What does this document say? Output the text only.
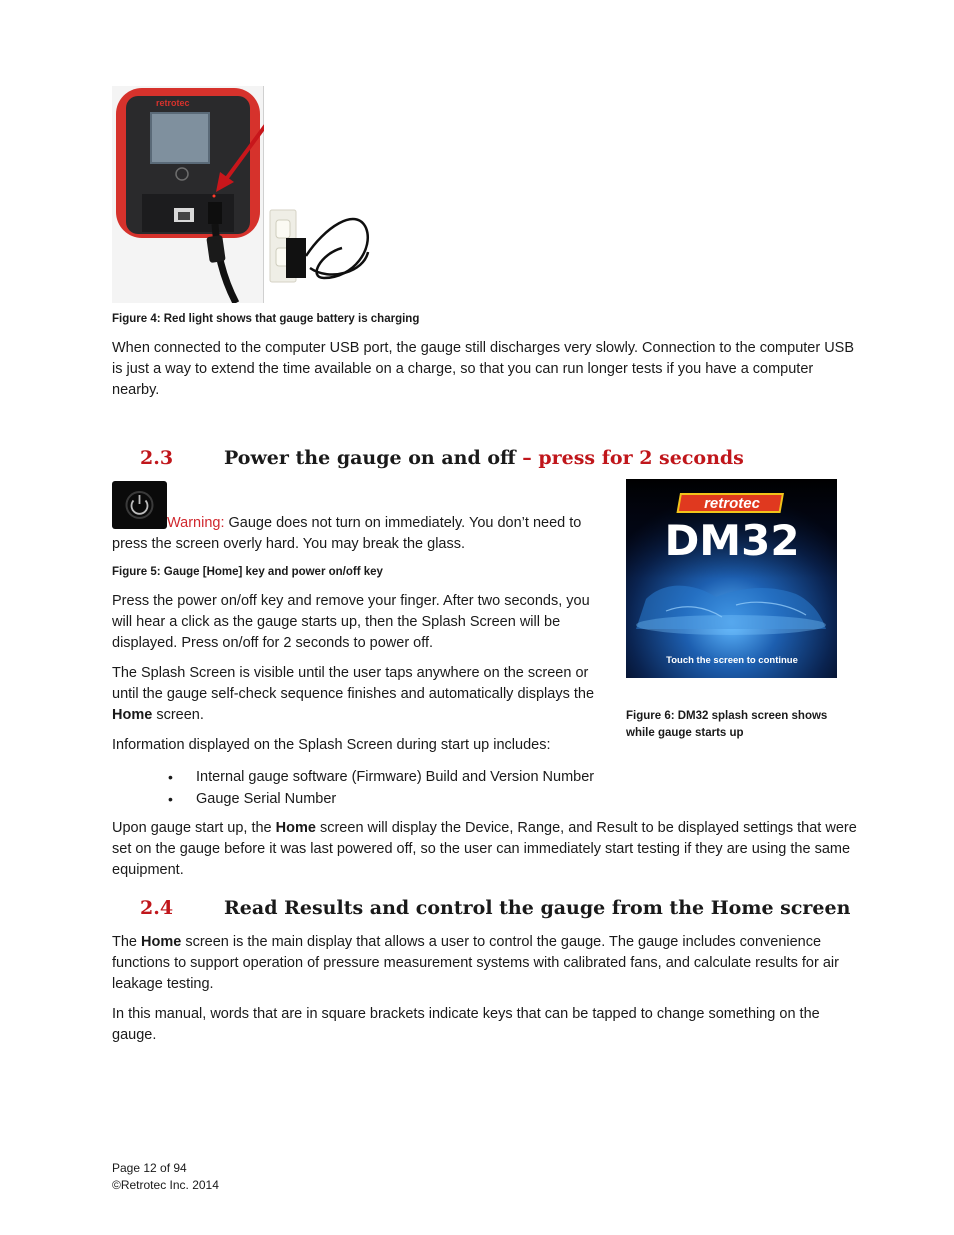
retrotec
Figure 4: Red light shows that gauge battery is charging

When connected to the computer USB port, the gauge still discharges very slowly. Connection to the computer USB is just a way to extend the time available on a charge, so that you can run longer tests if you have a computer nearby.

2.3	Power the gauge on and off – press for 2 seconds

Warning: Gauge does not turn on immediately. You don’t need to press the screen overly hard. You may break the glass.

Figure 5: Gauge [Home] key and power on/off key

Press the power on/off key and remove your finger. After two seconds, you will hear a click as the gauge starts up, then the Splash Screen will be displayed. Press on/off for 2 seconds to power off.

The Splash Screen is visible until the user taps anywhere on the screen or until the gauge self-check sequence finishes and automatically displays the Home screen.

retrotec
DM32
Touch the screen to continue
Figure 6: DM32 splash screen shows while gauge starts up

Information displayed on the Splash Screen during start up includes:

• Internal gauge software (Firmware) Build and Version Number
• Gauge Serial Number

Upon gauge start up, the Home screen will display the Device, Range, and Result to be displayed settings that were set on the gauge before it was last powered off, so the user can immediately start testing if they are using the same equipment.

2.4	Read Results and control the gauge from the Home screen

The Home screen is the main display that allows a user to control the gauge. The gauge includes convenience functions to support operation of pressure measurement systems with calibrated fans, and calculate results for air leakage testing.

In this manual, words that are in square brackets indicate keys that can be tapped to change something on the gauge.

Page 12 of 94
©Retrotec Inc. 2014
